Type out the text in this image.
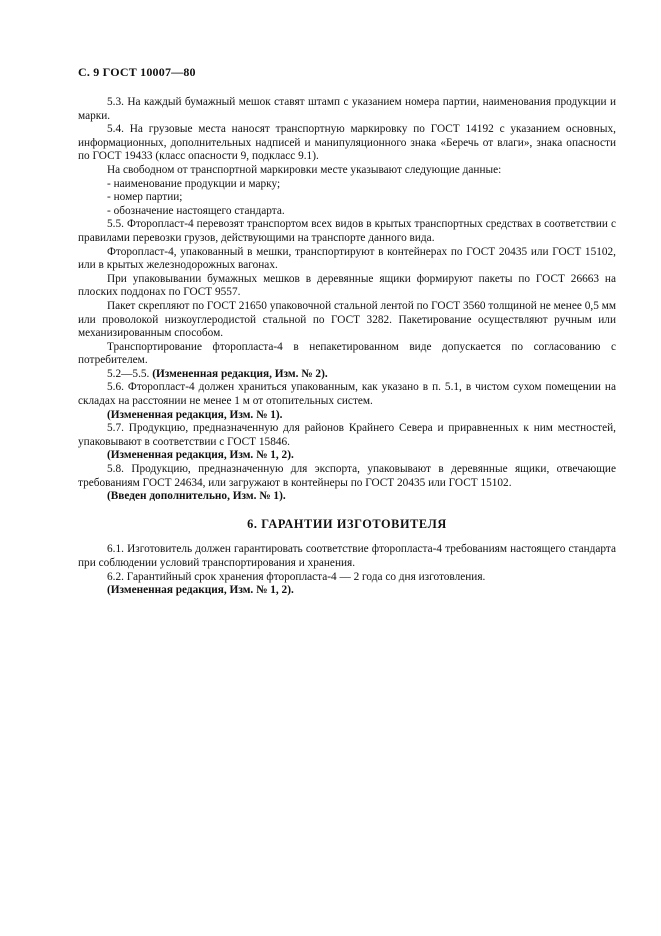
С. 9 ГОСТ 10007—80

5.3. На каждый бумажный мешок ставят штамп с указанием номера партии, наименования продукции и марки.

5.4. На грузовые места наносят транспортную маркировку по ГОСТ 14192 с указанием основных, информационных, дополнительных надписей и манипуляционного знака «Беречь от влаги», знака опасности по ГОСТ 19433 (класс опасности 9, подкласс 9.1).

На свободном от транспортной маркировки месте указывают следующие данные:

- наименование продукции и марку;

- номер партии;

- обозначение настоящего стандарта.

5.5. Фторопласт-4 перевозят транспортом всех видов в крытых транспортных средствах в соответствии с правилами перевозки грузов, действующими на транспорте данного вида.

Фторопласт-4, упакованный в мешки, транспортируют в контейнерах по ГОСТ 20435 или ГОСТ 15102, или в крытых железнодорожных вагонах.

При упаковывании бумажных мешков в деревянные ящики формируют пакеты по ГОСТ 26663 на плоских поддонах по ГОСТ 9557.

Пакет скрепляют по ГОСТ 21650 упаковочной стальной лентой по ГОСТ 3560 толщиной не менее 0,5 мм или проволокой низкоуглеродистой стальной по ГОСТ 3282. Пакетирование осуществляют ручным или механизированным способом.

Транспортирование фторопласта-4 в непакетированном виде допускается по согласованию с потребителем.

5.2—5.5. (Измененная редакция, Изм. № 2).

5.6. Фторопласт-4 должен храниться упакованным, как указано в п. 5.1, в чистом сухом помещении на складах на расстоянии не менее 1 м от отопительных систем.

(Измененная редакция, Изм. № 1).

5.7. Продукцию, предназначенную для районов Крайнего Севера и приравненных к ним местностей, упаковывают в соответствии с ГОСТ 15846.

(Измененная редакция, Изм. № 1, 2).

5.8. Продукцию, предназначенную для экспорта, упаковывают в деревянные ящики, отвечающие требованиям ГОСТ 24634, или загружают в контейнеры по ГОСТ 20435 или ГОСТ 15102.

(Введен дополнительно, Изм. № 1).

6. ГАРАНТИИ ИЗГОТОВИТЕЛЯ

6.1. Изготовитель должен гарантировать соответствие фторопласта-4 требованиям настоящего стандарта при соблюдении условий транспортирования и хранения.

6.2. Гарантийный срок хранения фторопласта-4 — 2 года со дня изготовления.

(Измененная редакция, Изм. № 1, 2).
